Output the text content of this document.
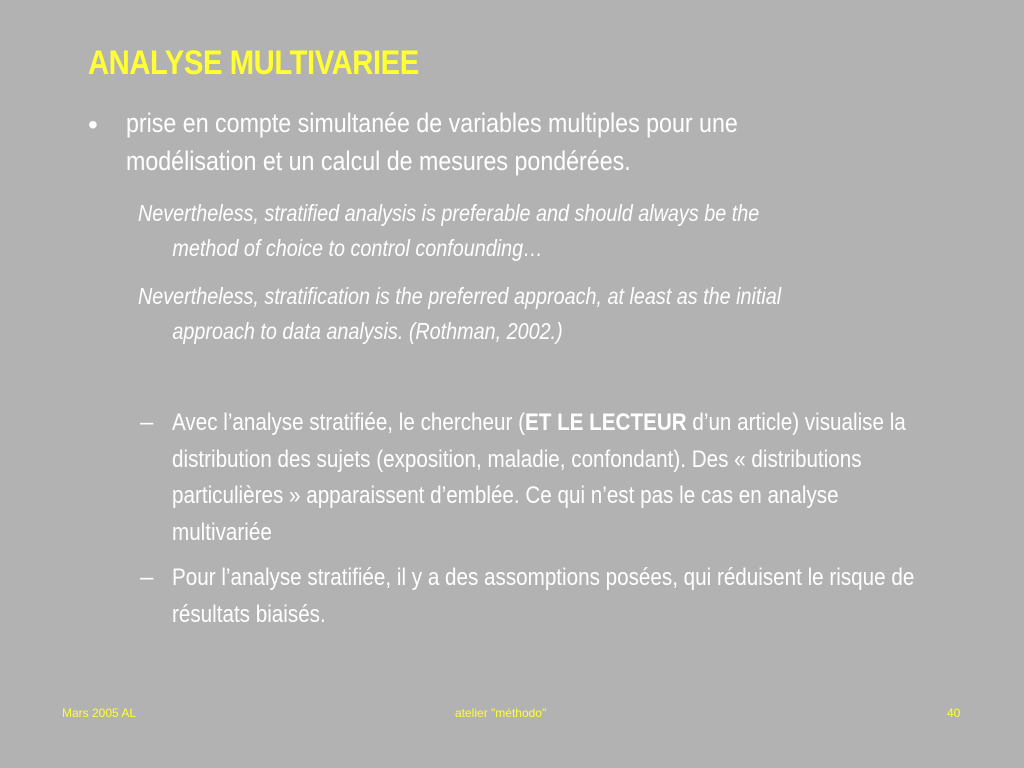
ANALYSE MULTIVARIEE
• prise en compte simultanée de variables multiples pour une
modélisation et un calcul de mesures pondérées.
Nevertheless, stratified analysis is preferable and should always be the
method of choice to control confounding…
Nevertheless, stratification is the preferred approach, at least as the initial
approach to data analysis. (Rothman, 2002.)
– Avec l’analyse stratifiée, le chercheur (ET LE LECTEUR d’un article) visualise la distribution des sujets (exposition, maladie, confondant). Des « distributions particulières » apparaissent d’emblée. Ce qui n’est pas le cas en analyse multivariée
– Pour l’analyse stratifiée, il y a des assomptions posées, qui réduisent le risque de résultats biaisés.
Mars 2005 AL	atelier "méthodo"	40
